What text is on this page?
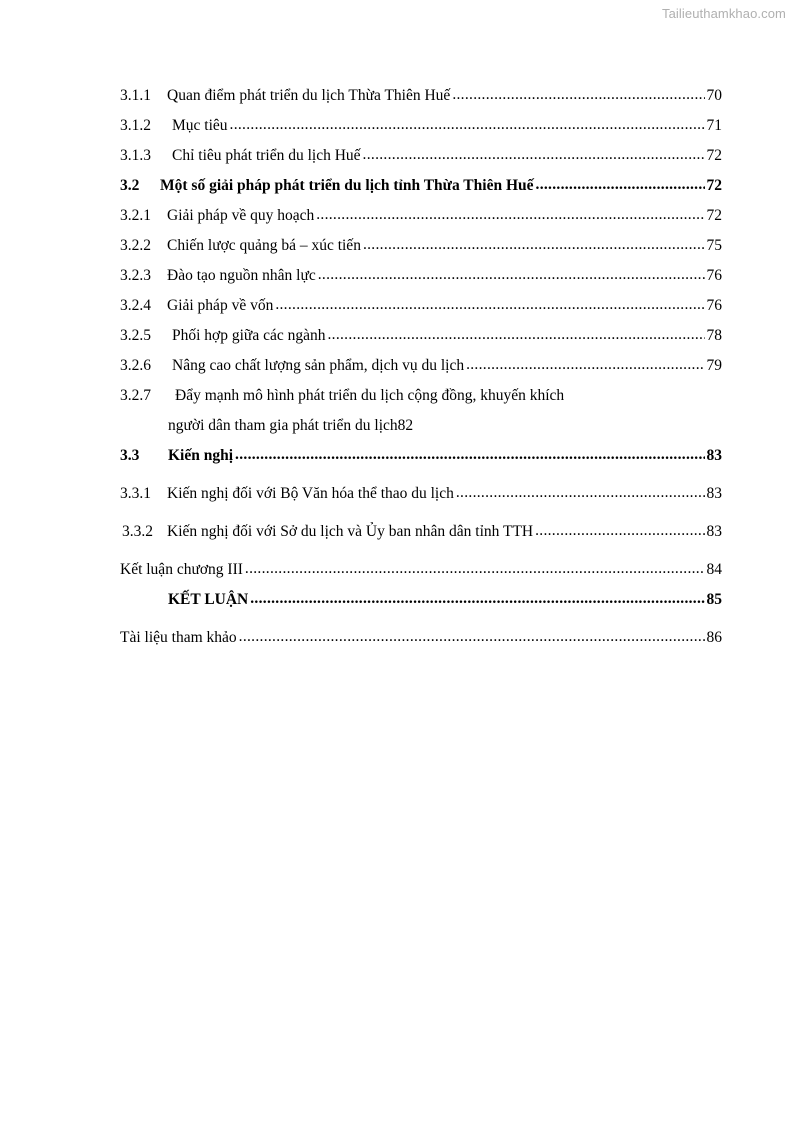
Tailieuthamkhao.com
3.1.1	Quan điểm phát triển du lịch Thừa Thiên Huế .....	70
3.1.2	Mục tiêu .....	71
3.1.3	Chỉ tiêu phát triển du lịch Huế .....	72
3.2	Một số giải pháp phát triển du lịch tỉnh Thừa Thiên Huế .....	72
3.2.1	Giải pháp về quy hoạch .....	72
3.2.2	Chiến lược quảng bá – xúc tiến .....	75
3.2.3	Đào tạo nguồn nhân lực .....	76
3.2.4	Giải pháp về vốn .....	76
3.2.5	Phối hợp giữa các ngành .....	78
3.2.6	Nâng cao chất lượng sản phẩm, dịch vụ du lịch .....	79
3.2.7	Đẩy mạnh mô hình phát triển du lịch cộng đồng, khuyến khích
người dân tham gia phát triển du lịch 82
3.3	Kiến nghị .....	83
3.3.1	Kiến nghị đối với Bộ Văn hóa thể thao du lịch .....	83
3.3.2 Kiến nghị đối với Sở du lịch và Ủy ban nhân dân tỉnh TTH .....	83
Kết luận chương III .....	84
KẾT LUẬN .....	85
Tài liệu tham khảo .....	86
